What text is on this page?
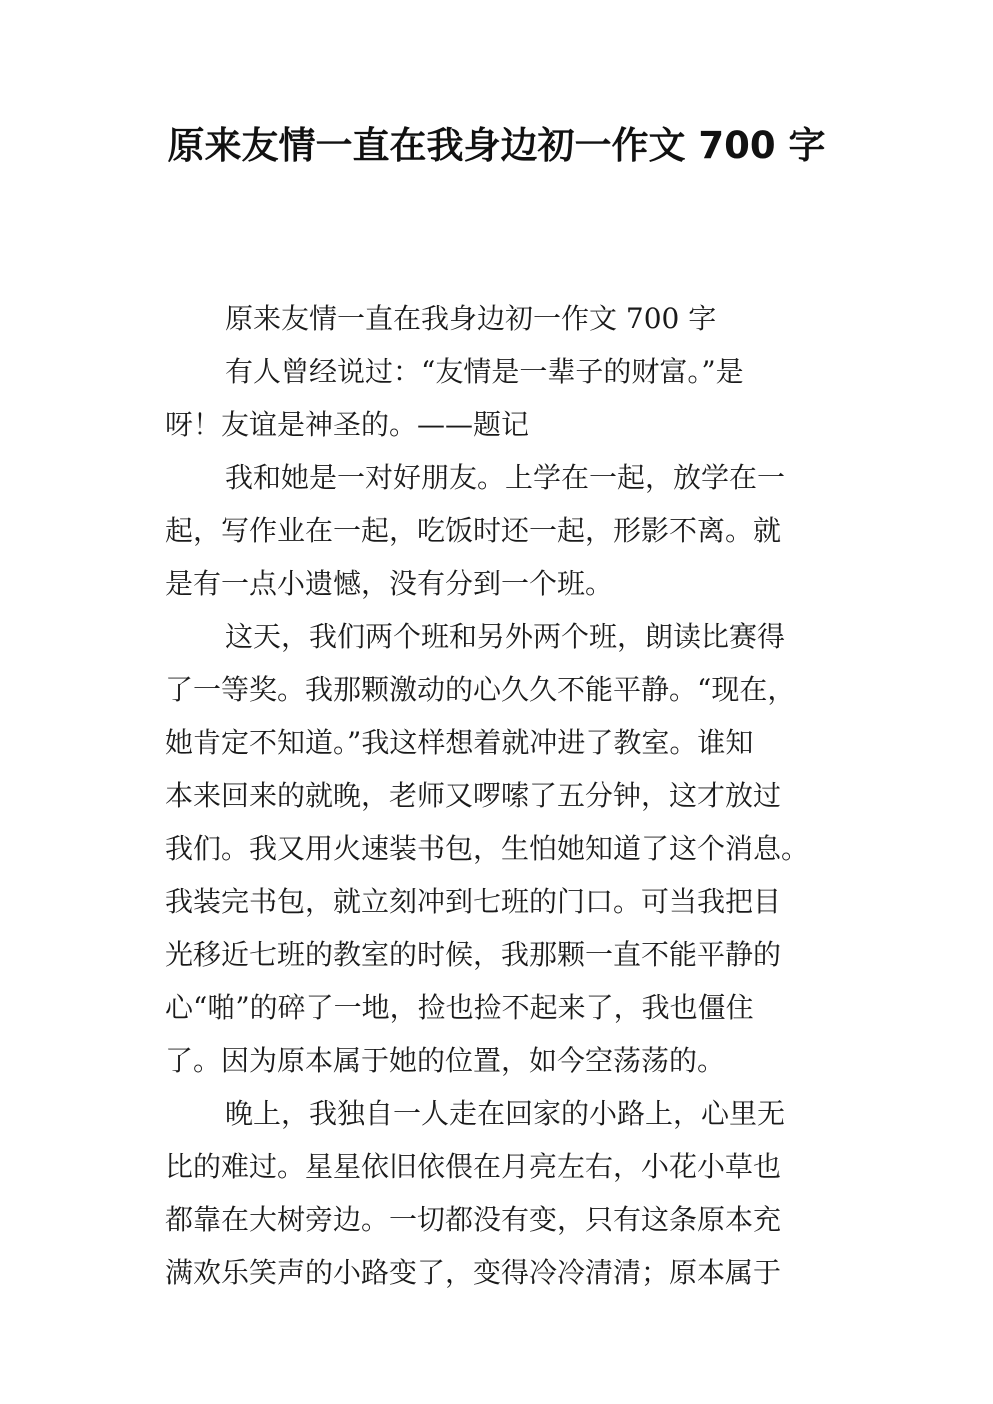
原来友情一直在我身边初一作文 700 字
原来友情一直在我身边初一作文 700 字
有人曾经说过：“友情是一辈子的财富。”是
呀！友谊是神圣的。——题记
我和她是一对好朋友。上学在一起，放学在一
起，写作业在一起，吃饭时还一起，形影不离。就
是有一点小遗憾，没有分到一个班。
这天，我们两个班和另外两个班，朗读比赛得
了一等奖。我那颗激动的心久久不能平静。“现在，
她肯定不知道。”我这样想着就冲进了教室。谁知
本来回来的就晚，老师又啰嗦了五分钟，这才放过
我们。我又用火速装书包，生怕她知道了这个消息。
我装完书包，就立刻冲到七班的门口。可当我把目
光移近七班的教室的时候，我那颗一直不能平静的
心“啪”的碎了一地，捡也捡不起来了，我也僵住
了。因为原本属于她的位置，如今空荡荡的。
晚上，我独自一人走在回家的小路上，心里无
比的难过。星星依旧依偎在月亮左右，小花小草也
都靠在大树旁边。一切都没有变，只有这条原本充
满欢乐笑声的小路变了，变得冷冷清清；原本属于
